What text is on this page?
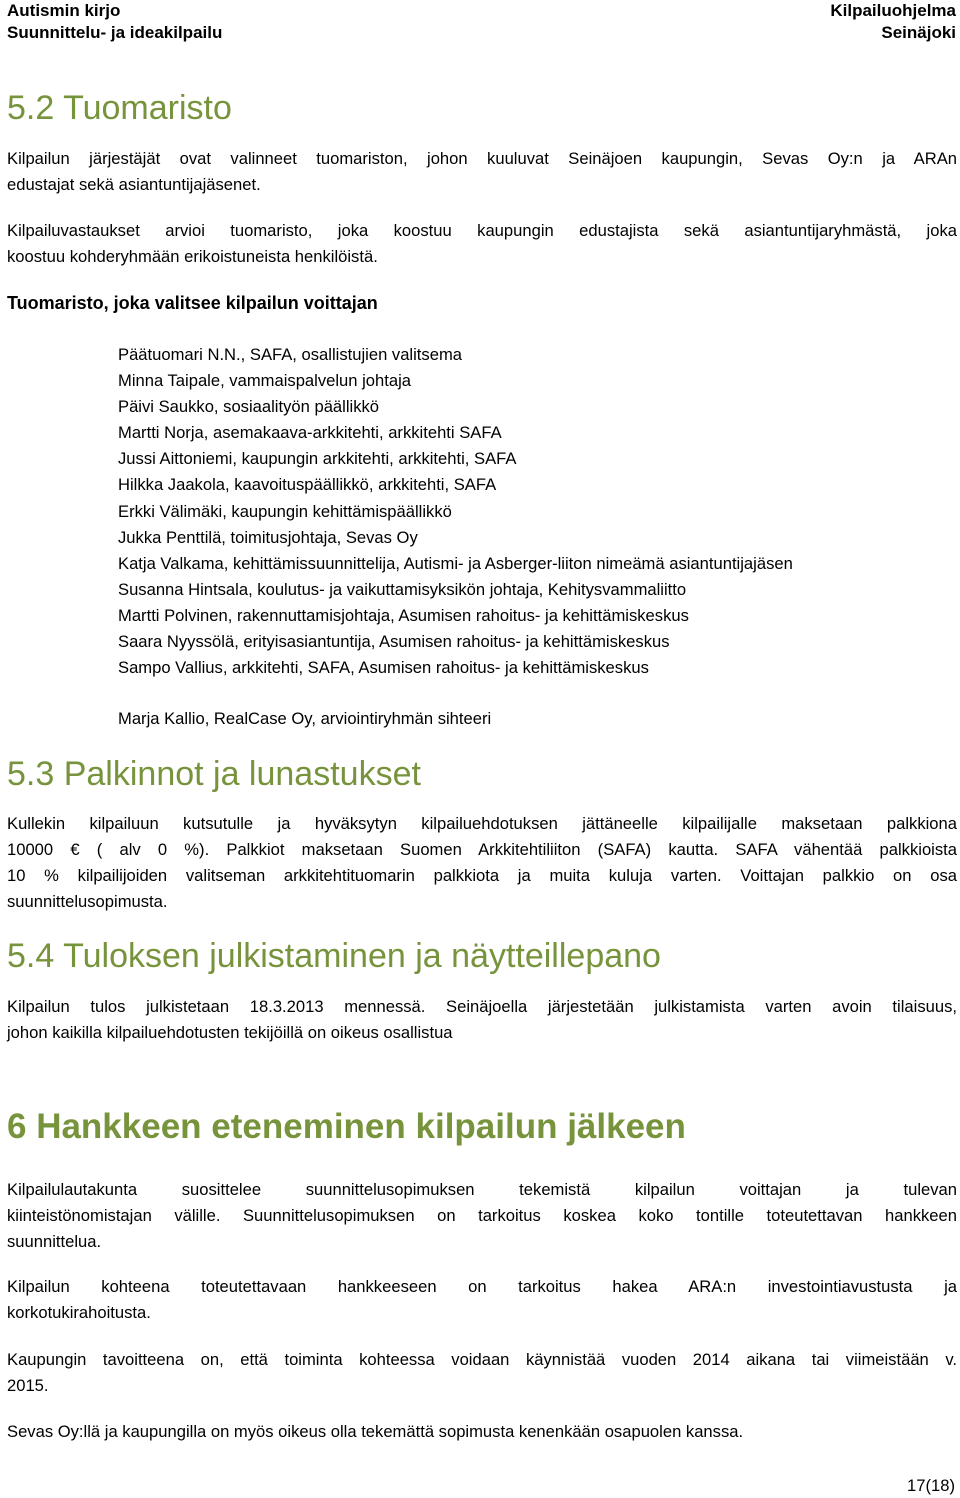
Autismin kirjo
Suunnittelu- ja ideakilpailu
Kilpailuohjelma
Seinäjoki
5.2 Tuomaristo
Kilpailun järjestäjät ovat valinneet tuomariston, johon kuuluvat Seinäjoen kaupungin, Sevas Oy:n ja ARAn
edustajat sekä asiantuntijajäsenet.
Kilpailuvastaukset arvioi tuomaristo, joka koostuu kaupungin edustajista sekä asiantuntijaryhmästä, joka
koostuu kohderyhmään erikoistuneista henkilöistä.
Tuomaristo, joka valitsee kilpailun voittajan
Päätuomari N.N., SAFA, osallistujien valitsema
Minna Taipale, vammaispalvelun johtaja
Päivi Saukko, sosiaalityön päällikkö
Martti Norja, asemakaava-arkkitehti, arkkitehti SAFA
Jussi Aittoniemi, kaupungin arkkitehti, arkkitehti, SAFA
Hilkka Jaakola, kaavoituspäällikkö, arkkitehti, SAFA
Erkki Välimäki, kaupungin kehittämispäällikkö
Jukka Penttilä, toimitusjohtaja, Sevas Oy
Katja Valkama, kehittämissuunnittelija, Autismi- ja Asberger-liiton nimeämä asiantuntijajäsen
Susanna Hintsala, koulutus- ja vaikuttamisyksikön johtaja, Kehitysvammaliitto
Martti Polvinen, rakennuttamisjohtaja, Asumisen rahoitus- ja kehittämiskeskus
Saara Nyyssölä, erityisasiantuntija, Asumisen rahoitus- ja kehittämiskeskus
Sampo Vallius, arkkitehti, SAFA, Asumisen rahoitus- ja kehittämiskeskus
Marja Kallio, RealCase Oy, arviointiryhmän sihteeri
5.3 Palkinnot ja lunastukset
Kullekin kilpailuun kutsutulle ja hyväksytyn kilpailuehdotuksen jättäneelle kilpailijalle maksetaan palkkiona
10000 € ( alv 0 %). Palkkiot maksetaan Suomen Arkkitehtiliiton (SAFA) kautta. SAFA vähentää palkkioista
10 % kilpailijoiden valitseman arkkitehtituomarin palkkiota ja muita kuluja varten. Voittajan palkkio on osa
suunnittelusopimusta.
5.4 Tuloksen julkistaminen ja näytteillepano
Kilpailun tulos julkistetaan 18.3.2013 mennessä. Seinäjoella järjestetään julkistamista varten avoin tilaisuus,
johon kaikilla kilpailuehdotusten tekijöillä on oikeus osallistua
6 Hankkeen eteneminen kilpailun jälkeen
Kilpailulautakunta suosittelee suunnittelusopimuksen tekemistä kilpailun voittajan ja tulevan
kiinteistönomistajan välille. Suunnittelusopimuksen on tarkoitus koskea koko tontille toteutettavan hankkeen
suunnittelua.
Kilpailun kohteena toteutettavaan hankkeeseen on tarkoitus hakea ARA:n investointiavustusta ja
korkotukirahoitusta.
Kaupungin tavoitteena on, että toiminta kohteessa voidaan käynnistää vuoden 2014 aikana tai viimeistään v.
2015.
Sevas Oy:llä ja kaupungilla on myös oikeus olla tekemättä sopimusta kenenkään osapuolen kanssa.
17(18)
